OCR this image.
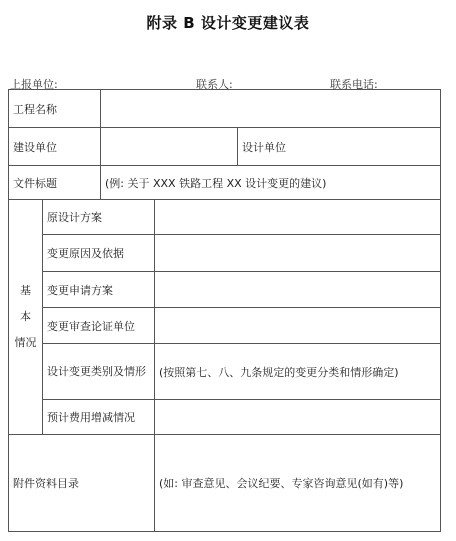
附录 B 设计变更建议表
上报单位:	联系人:	联系电话:
工程名称				
建设单位				设计单位
文件标题		(例: 关于 XXX 铁路工程 XX 设计变更的建议)		

基 本
情况	原设计方案			
	变更原因及依据			
	变更申请方案			
	变更审查论证单位			
	设计变更类别及情形		(按照第七、八、九条规定的变更分类和情形确定)	
	预计费用增减情况			
附件资料目录			(如: 审查意见、会议纪要、专家咨询意见(如有)等)	
